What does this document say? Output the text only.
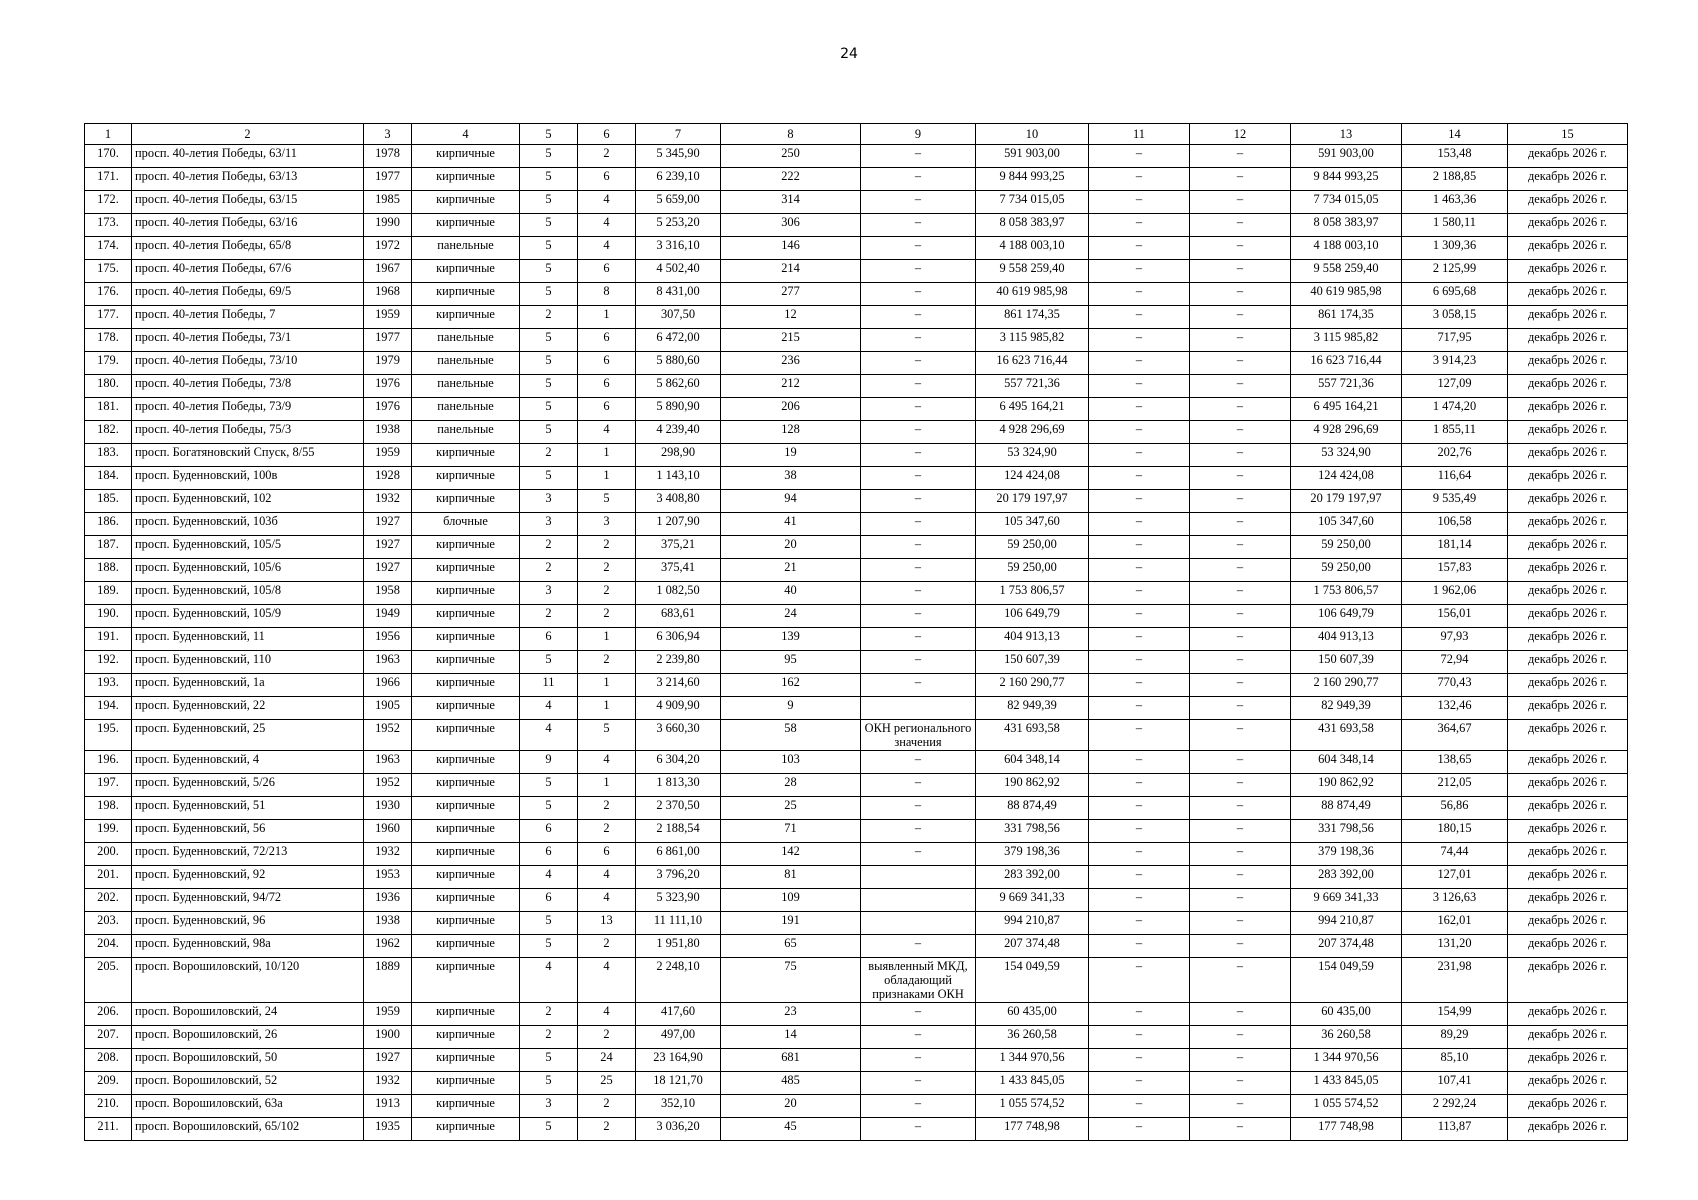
24
1	2	3	4	5	6	7	8	9	10	11	12	13	14	15
170.	просп. 40-летия Победы, 63/11	1978	кирпичные	5	2	5 345,90	250	–	591 903,00	–	–	591 903,00	153,48	декабрь 2026 г.
171.	просп. 40-летия Победы, 63/13	1977	кирпичные	5	6	6 239,10	222	–	9 844 993,25	–	–	9 844 993,25	2 188,85	декабрь 2026 г.
172.	просп. 40-летия Победы, 63/15	1985	кирпичные	5	4	5 659,00	314	–	7 734 015,05	–	–	7 734 015,05	1 463,36	декабрь 2026 г.
173.	просп. 40-летия Победы, 63/16	1990	кирпичные	5	4	5 253,20	306	–	8 058 383,97	–	–	8 058 383,97	1 580,11	декабрь 2026 г.
174.	просп. 40-летия Победы, 65/8	1972	панельные	5	4	3 316,10	146	–	4 188 003,10	–	–	4 188 003,10	1 309,36	декабрь 2026 г.
175.	просп. 40-летия Победы, 67/6	1967	кирпичные	5	6	4 502,40	214	–	9 558 259,40	–	–	9 558 259,40	2 125,99	декабрь 2026 г.
176.	просп. 40-летия Победы, 69/5	1968	кирпичные	5	8	8 431,00	277	–	40 619 985,98	–	–	40 619 985,98	6 695,68	декабрь 2026 г.
177.	просп. 40-летия Победы, 7	1959	кирпичные	2	1	307,50	12	–	861 174,35	–	–	861 174,35	3 058,15	декабрь 2026 г.
178.	просп. 40-летия Победы, 73/1	1977	панельные	5	6	6 472,00	215	–	3 115 985,82	–	–	3 115 985,82	717,95	декабрь 2026 г.
179.	просп. 40-летия Победы, 73/10	1979	панельные	5	6	5 880,60	236	–	16 623 716,44	–	–	16 623 716,44	3 914,23	декабрь 2026 г.
180.	просп. 40-летия Победы, 73/8	1976	панельные	5	6	5 862,60	212	–	557 721,36	–	–	557 721,36	127,09	декабрь 2026 г.
181.	просп. 40-летия Победы, 73/9	1976	панельные	5	6	5 890,90	206	–	6 495 164,21	–	–	6 495 164,21	1 474,20	декабрь 2026 г.
182.	просп. 40-летия Победы, 75/3	1938	панельные	5	4	4 239,40	128	–	4 928 296,69	–	–	4 928 296,69	1 855,11	декабрь 2026 г.
183.	просп. Богатяновский Спуск, 8/55	1959	кирпичные	2	1	298,90	19	–	53 324,90	–	–	53 324,90	202,76	декабрь 2026 г.
184.	просп. Буденновский, 100в	1928	кирпичные	5	1	1 143,10	38	–	124 424,08	–	–	124 424,08	116,64	декабрь 2026 г.
185.	просп. Буденновский, 102	1932	кирпичные	3	5	3 408,80	94	–	20 179 197,97	–	–	20 179 197,97	9 535,49	декабрь 2026 г.
186.	просп. Буденновский, 103б	1927	блочные	3	3	1 207,90	41	–	105 347,60	–	–	105 347,60	106,58	декабрь 2026 г.
187.	просп. Буденновский, 105/5	1927	кирпичные	2	2	375,21	20	–	59 250,00	–	–	59 250,00	181,14	декабрь 2026 г.
188.	просп. Буденновский, 105/6	1927	кирпичные	2	2	375,41	21	–	59 250,00	–	–	59 250,00	157,83	декабрь 2026 г.
189.	просп. Буденновский, 105/8	1958	кирпичные	3	2	1 082,50	40	–	1 753 806,57	–	–	1 753 806,57	1 962,06	декабрь 2026 г.
190.	просп. Буденновский, 105/9	1949	кирпичные	2	2	683,61	24	–	106 649,79	–	–	106 649,79	156,01	декабрь 2026 г.
191.	просп. Буденновский, 11	1956	кирпичные	6	1	6 306,94	139	–	404 913,13	–	–	404 913,13	97,93	декабрь 2026 г.
192.	просп. Буденновский, 110	1963	кирпичные	5	2	2 239,80	95	–	150 607,39	–	–	150 607,39	72,94	декабрь 2026 г.
193.	просп. Буденновский, 1а	1966	кирпичные	11	1	3 214,60	162	–	2 160 290,77	–	–	2 160 290,77	770,43	декабрь 2026 г.
194.	просп. Буденновский, 22	1905	кирпичные	4	1	4 909,90	9		82 949,39	–	–	82 949,39	132,46	декабрь 2026 г.
195.	просп. Буденновский, 25	1952	кирпичные	4	5	3 660,30	58	ОКН регионального значения	431 693,58	–	–	431 693,58	364,67	декабрь 2026 г.
196.	просп. Буденновский, 4	1963	кирпичные	9	4	6 304,20	103	–	604 348,14	–	–	604 348,14	138,65	декабрь 2026 г.
197.	просп. Буденновский, 5/26	1952	кирпичные	5	1	1 813,30	28	–	190 862,92	–	–	190 862,92	212,05	декабрь 2026 г.
198.	просп. Буденновский, 51	1930	кирпичные	5	2	2 370,50	25	–	88 874,49	–	–	88 874,49	56,86	декабрь 2026 г.
199.	просп. Буденновский, 56	1960	кирпичные	6	2	2 188,54	71	–	331 798,56	–	–	331 798,56	180,15	декабрь 2026 г.
200.	просп. Буденновский, 72/213	1932	кирпичные	6	6	6 861,00	142	–	379 198,36	–	–	379 198,36	74,44	декабрь 2026 г.
201.	просп. Буденновский, 92	1953	кирпичные	4	4	3 796,20	81		283 392,00	–	–	283 392,00	127,01	декабрь 2026 г.
202.	просп. Буденновский, 94/72	1936	кирпичные	6	4	5 323,90	109		9 669 341,33	–	–	9 669 341,33	3 126,63	декабрь 2026 г.
203.	просп. Буденновский, 96	1938	кирпичные	5	13	11 111,10	191		994 210,87	–	–	994 210,87	162,01	декабрь 2026 г.
204.	просп. Буденновский, 98а	1962	кирпичные	5	2	1 951,80	65	–	207 374,48	–	–	207 374,48	131,20	декабрь 2026 г.
205.	просп. Ворошиловский, 10/120	1889	кирпичные	4	4	2 248,10	75	выявленный МКД, обладающий признаками ОКН	154 049,59	–	–	154 049,59	231,98	декабрь 2026 г.
206.	просп. Ворошиловский, 24	1959	кирпичные	2	4	417,60	23	–	60 435,00	–	–	60 435,00	154,99	декабрь 2026 г.
207.	просп. Ворошиловский, 26	1900	кирпичные	2	2	497,00	14	–	36 260,58	–	–	36 260,58	89,29	декабрь 2026 г.
208.	просп. Ворошиловский, 50	1927	кирпичные	5	24	23 164,90	681	–	1 344 970,56	–	–	1 344 970,56	85,10	декабрь 2026 г.
209.	просп. Ворошиловский, 52	1932	кирпичные	5	25	18 121,70	485	–	1 433 845,05	–	–	1 433 845,05	107,41	декабрь 2026 г.
210.	просп. Ворошиловский, 63а	1913	кирпичные	3	2	352,10	20	–	1 055 574,52	–	–	1 055 574,52	2 292,24	декабрь 2026 г.
211.	просп. Ворошиловский, 65/102	1935	кирпичные	5	2	3 036,20	45	–	177 748,98	–	–	177 748,98	113,87	декабрь 2026 г.
